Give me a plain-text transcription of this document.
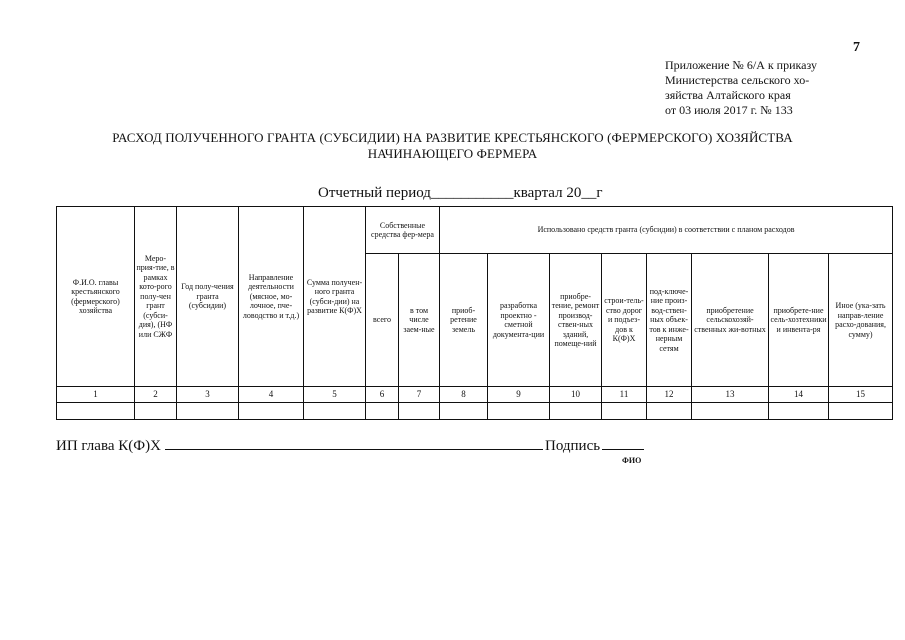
7
Приложение № 6/А к приказу
Министерства сельского хо-
зяйства Алтайского края
от 03 июля 2017 г. № 133
РАСХОД ПОЛУЧЕННОГО ГРАНТА (СУБСИДИИ) НА РАЗВИТИЕ КРЕСТЬЯНСКОГО (ФЕРМЕРСКОГО) ХОЗЯЙСТВА
НАЧИНАЮЩЕГО ФЕРМЕРА
Отчетный период___________квартал 20__г
Ф.И.О. главы крестьянского (фермерского) хозяйства	Меро-прия-тие, в рамках кото-рого полу-чен грант (субси-дия), (НФ или СЖФ	Год полу-чения гранта (субсидии)	Направление деятельности (мясное, мо-лочное, пче-ловодство и т.д.)	Сумма получен-ного гранта (субси-дии) на развитие К(Ф)Х	Собственные средства фер-мера		Использовано средств гранта (субсидии) в соответствии с планом расходов							
					всего	в том числе заем-ные	приоб-ретение земель	разработка проектно - сметной документа-ции	приобре-тение, ремонт производ-ствен-ных зданий, помеще-ний	строи-тель-ство дорог и подъез-дов к К(Ф)Х	под-ключе-ние произ-вод-ствен-ных объек-тов к инже-нерным сетям	приобретение сельскохозяй-ственных жи-вотных	приобрете-ние сель-хозтехники и инвента-ря	Иное (ука-зать направ-ление расхо-дования, сумму)
1	2	3	4	5	6	7	8	9	10	11	12	13	14	15

ИП глава К(Ф)Х	Подпись
ФИО
